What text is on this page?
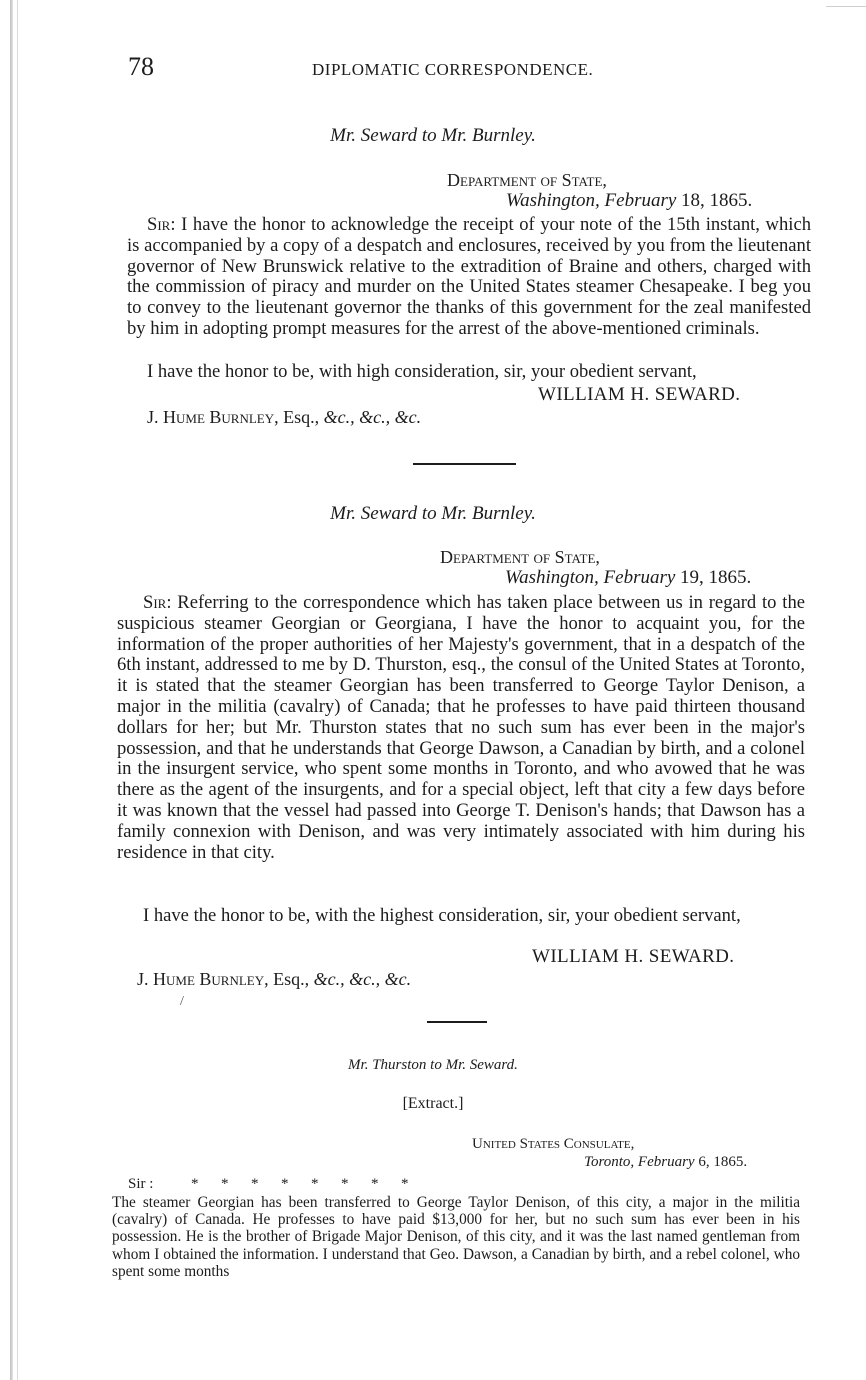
78	DIPLOMATIC CORRESPONDENCE.
Mr. Seward to Mr. Burnley.
Department of State,
Washington, February 18, 1865.
Sir: I have the honor to acknowledge the receipt of your note of the 15th instant, which is accompanied by a copy of a despatch and enclosures, received by you from the lieutenant governor of New Brunswick relative to the extradition of Braine and others, charged with the commission of piracy and murder on the United States steamer Chesapeake. I beg you to convey to the lieutenant governor the thanks of this government for the zeal manifested by him in adopting prompt measures for the arrest of the above-mentioned criminals.
I have the honor to be, with high consideration, sir, your obedient servant,
WILLIAM H. SEWARD.
J. Hume Burnley, Esq., &c., &c., &c.
Mr. Seward to Mr. Burnley.
Department of State,
Washington, February 19, 1865.
Sir: Referring to the correspondence which has taken place between us in regard to the suspicious steamer Georgian or Georgiana, I have the honor to acquaint you, for the information of the proper authorities of her Majesty's government, that in a despatch of the 6th instant, addressed to me by D. Thurston, esq., the consul of the United States at Toronto, it is stated that the steamer Georgian has been transferred to George Taylor Denison, a major in the militia (cavalry) of Canada; that he professes to have paid thirteen thousand dollars for her; but Mr. Thurston states that no such sum has ever been in the major's possession, and that he understands that George Dawson, a Canadian by birth, and a colonel in the insurgent service, who spent some months in Toronto, and who avowed that he was there as the agent of the insurgents, and for a special object, left that city a few days before it was known that the vessel had passed into George T. Denison's hands; that Dawson has a family connexion with Denison, and was very intimately associated with him during his residence in that city.
I have the honor to be, with the highest consideration, sir, your obedient servant,
WILLIAM H. SEWARD.
J. Hume Burnley, Esq., &c., &c., &c.
/
Mr. Thurston to Mr. Seward.
[Extract.]
United States Consulate,
Toronto, February 6, 1865.
Sir :	*      *      *      *      *      *      *      *
The steamer Georgian has been transferred to George Taylor Denison, of this city, a major in the militia (cavalry) of Canada. He professes to have paid $13,000 for her, but no such sum has ever been in his possession. He is the brother of Brigade Major Denison, of this city, and it was the last named gentleman from whom I obtained the information. I understand that Geo. Dawson, a Canadian by birth, and a rebel colonel, who spent some months
